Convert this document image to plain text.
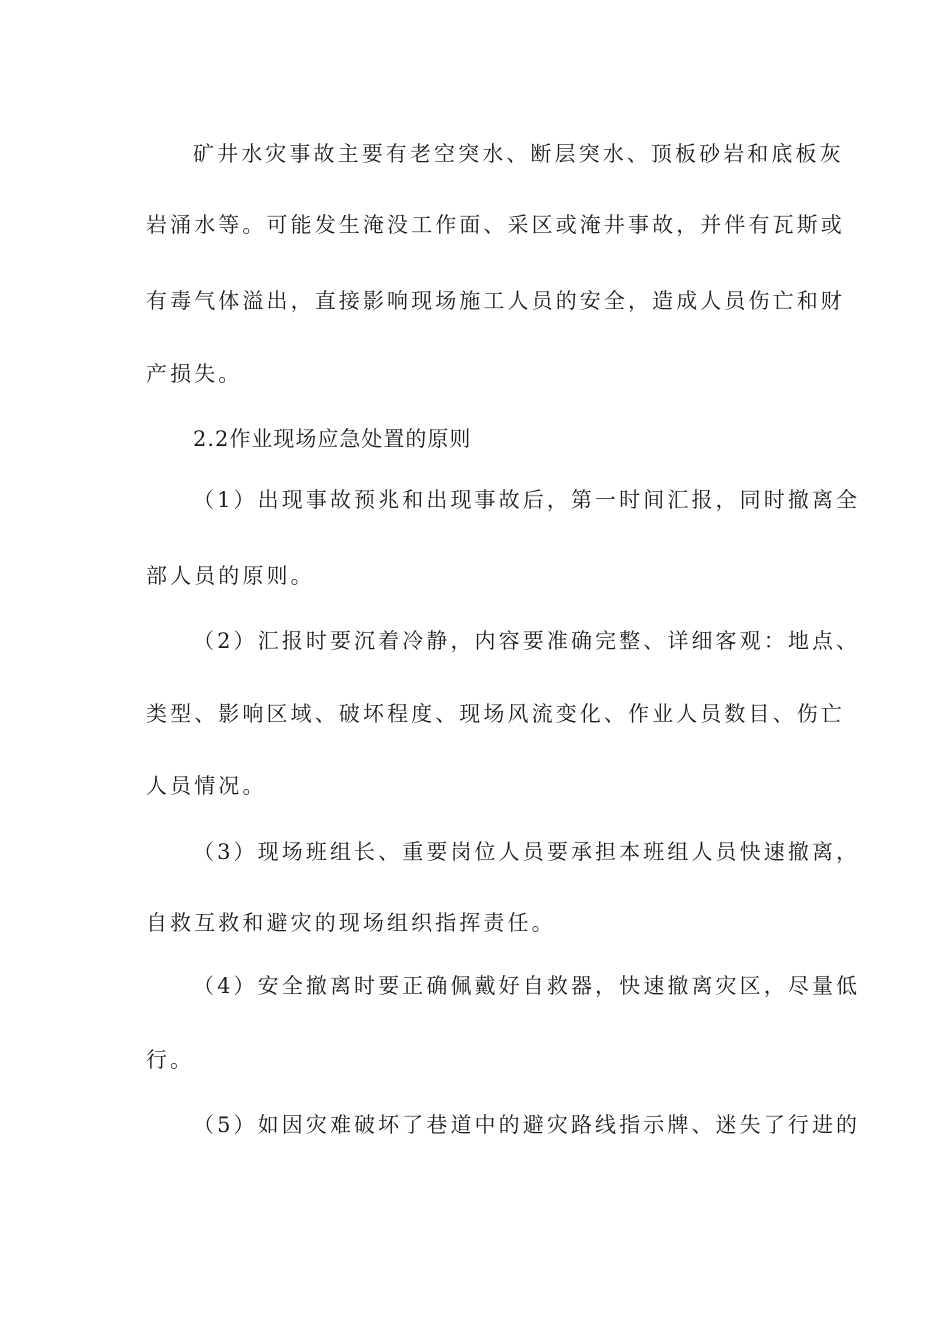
矿井水灾事故主要有老空突水、断层突水、顶板砂岩和底板灰
岩涌水等。可能发生淹没工作面、采区或淹井事故，并伴有瓦斯或
有毒气体溢出，直接影响现场施工人员的安全，造成人员伤亡和财
产损失。
2.2作业现场应急处置的原则
（1）出现事故预兆和出现事故后，第一时间汇报，同时撤离全
部人员的原则。
（2）汇报时要沉着冷静，内容要准确完整、详细客观：地点、
类型、影响区域、破坏程度、现场风流变化、作业人员数目、伤亡
人员情况。
（3）现场班组长、重要岗位人员要承担本班组人员快速撤离，
自救互救和避灾的现场组织指挥责任。
（4）安全撤离时要正确佩戴好自救器，快速撤离灾区，尽量低
行。
（5）如因灾难破坏了巷道中的避灾路线指示牌、迷失了行进的
